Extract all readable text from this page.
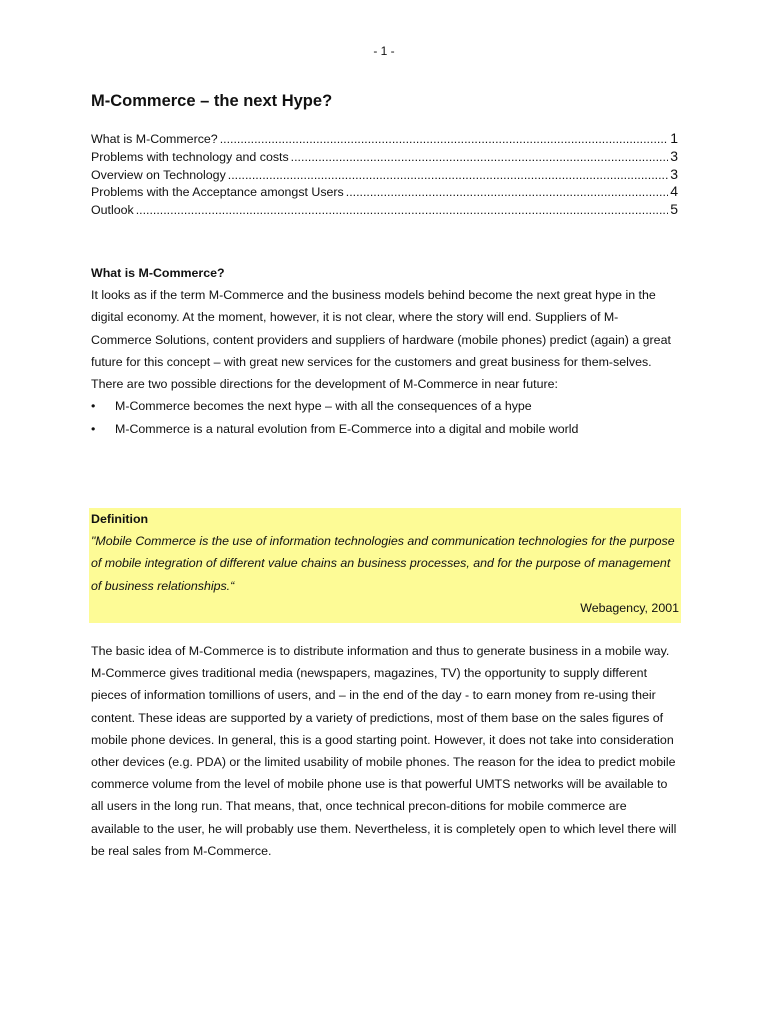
- 1 -
M-Commerce – the next Hype?
What is M-Commerce? .....	1
Problems with technology and costs .....	3
Overview on Technology .....	3
Problems with the Acceptance amongst Users .....	4
Outlook .....	5
What is M-Commerce?

It looks as if the term M-Commerce and the business models behind become the next great hype in the digital economy. At the moment, however, it is not clear, where the story will end. Suppliers of M-Commerce Solutions, content providers and suppliers of hardware (mobile phones) predict (again) a great future for this concept – with great new services for the customers and great business for them-selves.

There are two possible directions for the development of M-Commerce in near future:

•	M-Commerce becomes the next hype – with all the consequences of a hype
•	M-Commerce is a natural evolution from E-Commerce into a digital and mobile world
Definition
"Mobile Commerce is the use of information technologies and communication technologies for the purpose of mobile integration of different value chains an business processes, and for the purpose of management of business relationships.“
Webagency, 2001
The basic idea of M-Commerce is to distribute information and thus to generate business in a mobile way. M-Commerce gives traditional media (newspapers, magazines, TV) the opportunity to supply different pieces of information tomillions of users, and – in the end of the day - to earn money from re-using their content. These ideas are supported by a variety of predictions, most of them base on the sales figures of mobile phone devices. In general, this is a good starting point. However, it does not take into consideration other devices (e.g. PDA) or the limited usability of mobile phones. The reason for the idea to predict mobile commerce volume from the level of mobile phone use is that powerful UMTS networks will be available to all users in the long run. That means, that, once technical precon-ditions for mobile commerce are available to the user, he will probably use them. Nevertheless, it is completely open to which level there will be real sales from M-Commerce.
